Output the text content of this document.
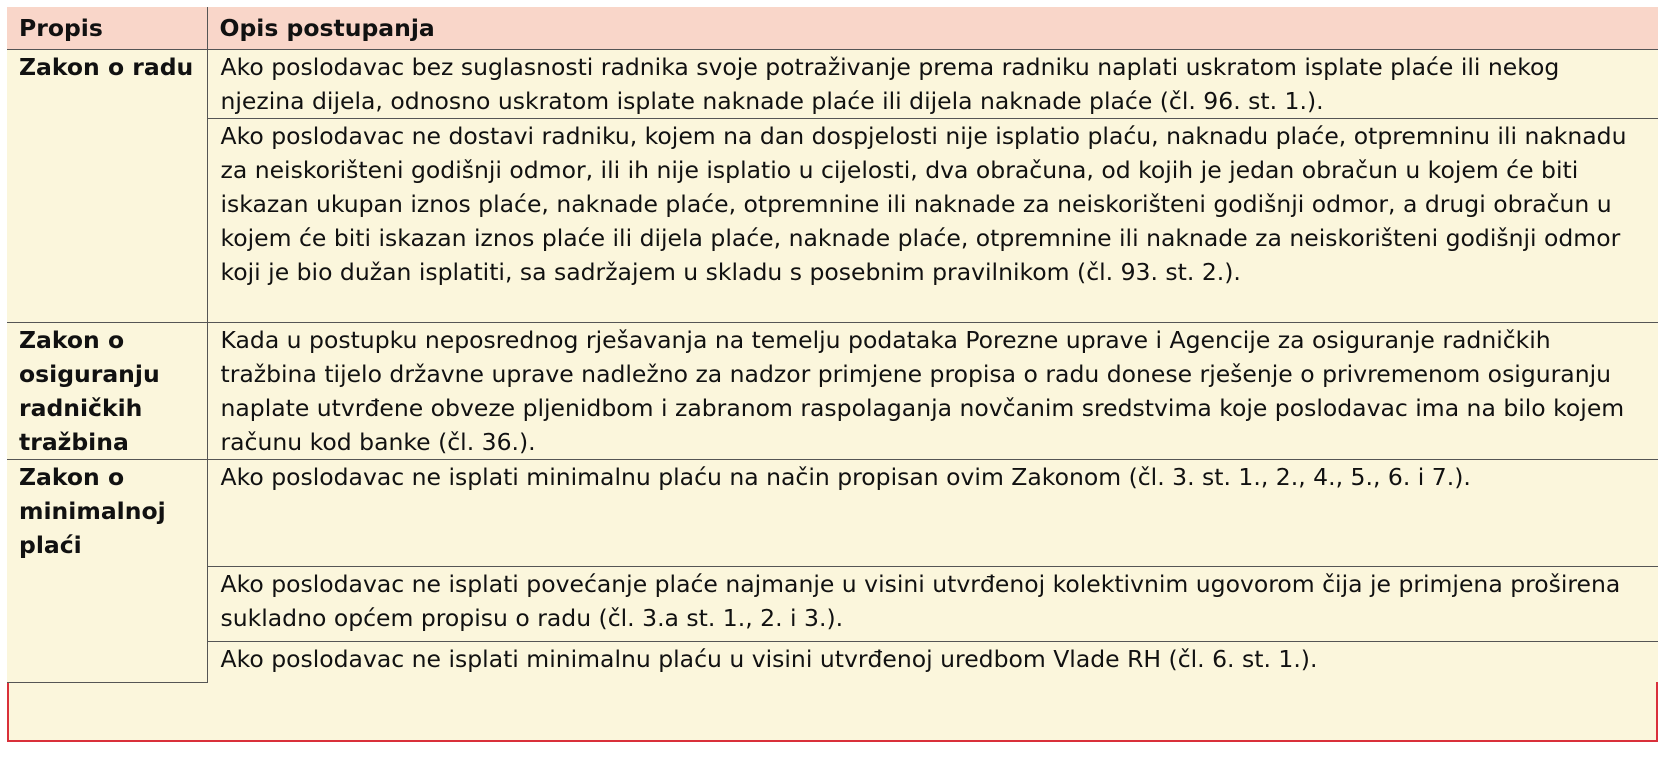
Propis	Opis postupanja
Zakon o radu	Ako poslodavac bez suglasnosti radnika svoje potraživanje prema radniku naplati uskratom isplate plaće ili nekog njezina dijela, odnosno uskratom isplate naknade plaće ili dijela naknade plaće (čl. 96. st. 1.).
	Ako poslodavac ne dostavi radniku, kojem na dan dospjelosti nije isplatio plaću, naknadu plaće, otpremninu ili naknadu za neiskorišteni godišnji odmor, ili ih nije isplatio u cijelosti, dva obračuna, od kojih je jedan obračun u kojem će biti iskazan ukupan iznos plaće, naknade plaće, otpremnine ili naknade za neiskorišteni godišnji odmor, a drugi obračun u kojem će biti iskazan iznos plaće ili dijela plaće, naknade plaće, otpremnine ili naknade za neiskorišteni godišnji odmor koji je bio dužan isplatiti, sa sadržajem u skladu s posebnim pravilnikom (čl. 93. st. 2.).
Zakon o osiguranju radničkih tražbina	Kada u postupku neposrednog rješavanja na temelju podataka Porezne uprave i Agencije za osiguranje radničkih tražbina tijelo državne uprave nadležno za nadzor primjene propisa o radu donese rješenje o privremenom osiguranju naplate utvrđene obveze pljenidbom i zabranom raspolaganja novčanim sredstvima koje poslodavac ima na bilo kojem računu kod banke (čl. 36.).
Zakon o minimalnoj plaći	Ako poslodavac ne isplati minimalnu plaću na način propisan ovim Zakonom (čl. 3. st. 1., 2., 4., 5., 6. i 7.).
	Ako poslodavac ne isplati povećanje plaće najmanje u visini utvrđenoj kolektivnim ugovorom čija je primjena proširena sukladno općem propisu o radu (čl. 3.a st. 1., 2. i 3.).
	Ako poslodavac ne isplati minimalnu plaću u visini utvrđenoj uredbom Vlade RH (čl. 6. st. 1.).
